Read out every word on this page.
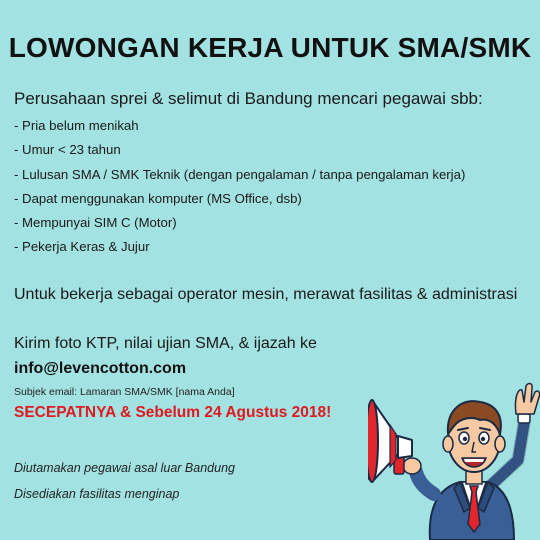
LOWONGAN KERJA UNTUK SMA/SMK
Perusahaan sprei & selimut di Bandung mencari pegawai sbb:
- Pria belum menikah
- Umur < 23 tahun
- Lulusan SMA / SMK Teknik (dengan pengalaman / tanpa pengalaman kerja)
- Dapat menggunakan komputer (MS Office, dsb)
- Mempunyai SIM C (Motor)
- Pekerja Keras & Jujur
Untuk bekerja sebagai operator mesin, merawat fasilitas & administrasi
Kirim foto KTP, nilai ujian SMA, & ijazah ke
info@levencotton.com
Subjek email: Lamaran SMA/SMK [nama Anda]
SECEPATNYA & Sebelum 24 Agustus 2018!
Diutamakan pegawai asal luar Bandung
Disediakan fasilitas menginap
